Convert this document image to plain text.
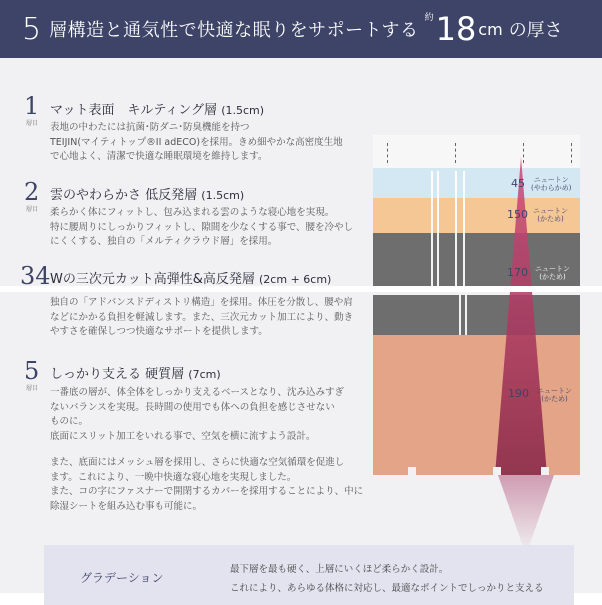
5 層構造と通気性で快適な眠りをサポートする
約 18 cm の厚さ
45	ニュートン
(やわらかめ)
150 ニュートン
(かため)
170 ニュートン
(かため)
190 ニュートン
(かため)
1
層目
マット表面　キルティング層 (1.5cm)
表地の中わたには抗菌･防ダニ･防臭機能を持つ
TEIJIN(マイティトップ®II adECO)を採用。きめ細やかな高密度生地
で心地よく、清潔で快適な睡眠環境を維持します。
2
層目
雲のやわらかさ 低反発層 (1.5cm)
柔らかく体にフィットし、包み込まれる雲のような寝心地を実現。
特に腰周りにしっかりフィットし、隙間を少なくする事で、腰を冷やし
にくくする、独自の「メルティクラウド層」を採用。
34 Wの三次元カット高弾性&高反発層 (2cm + 6cm)
独自の「アドバンスドディストリ構造」を採用。体圧を分散し、腰や肩
などにかかる負担を軽減します。また、三次元カット加工により、動き
やすさを確保しつつ快適なサポートを提供します。
5
層目
しっかり支える 硬質層 (7cm)
一番底の層が、体全体をしっかり支えるベースとなり、沈み込みすぎ
ないバランスを実現。長時間の使用でも体への負担を感じさせない
ものに。
底面にスリット加工をいれる事で、空気を横に流すよう設計。
また、底面にはメッシュ層を採用し、さらに快適な空気循環を促進し
ます。これにより、一晩中快適な寝心地を実現しました。
また、コの字にファスナーで開閉するカバーを採用することにより、中に
除湿シートを組み込む事も可能に。
グラデーション
最下層を最も硬く、上層にいくほど柔らかく設計。
これにより、あらゆる体格に対応し、最適なポイントでしっかりと支える
